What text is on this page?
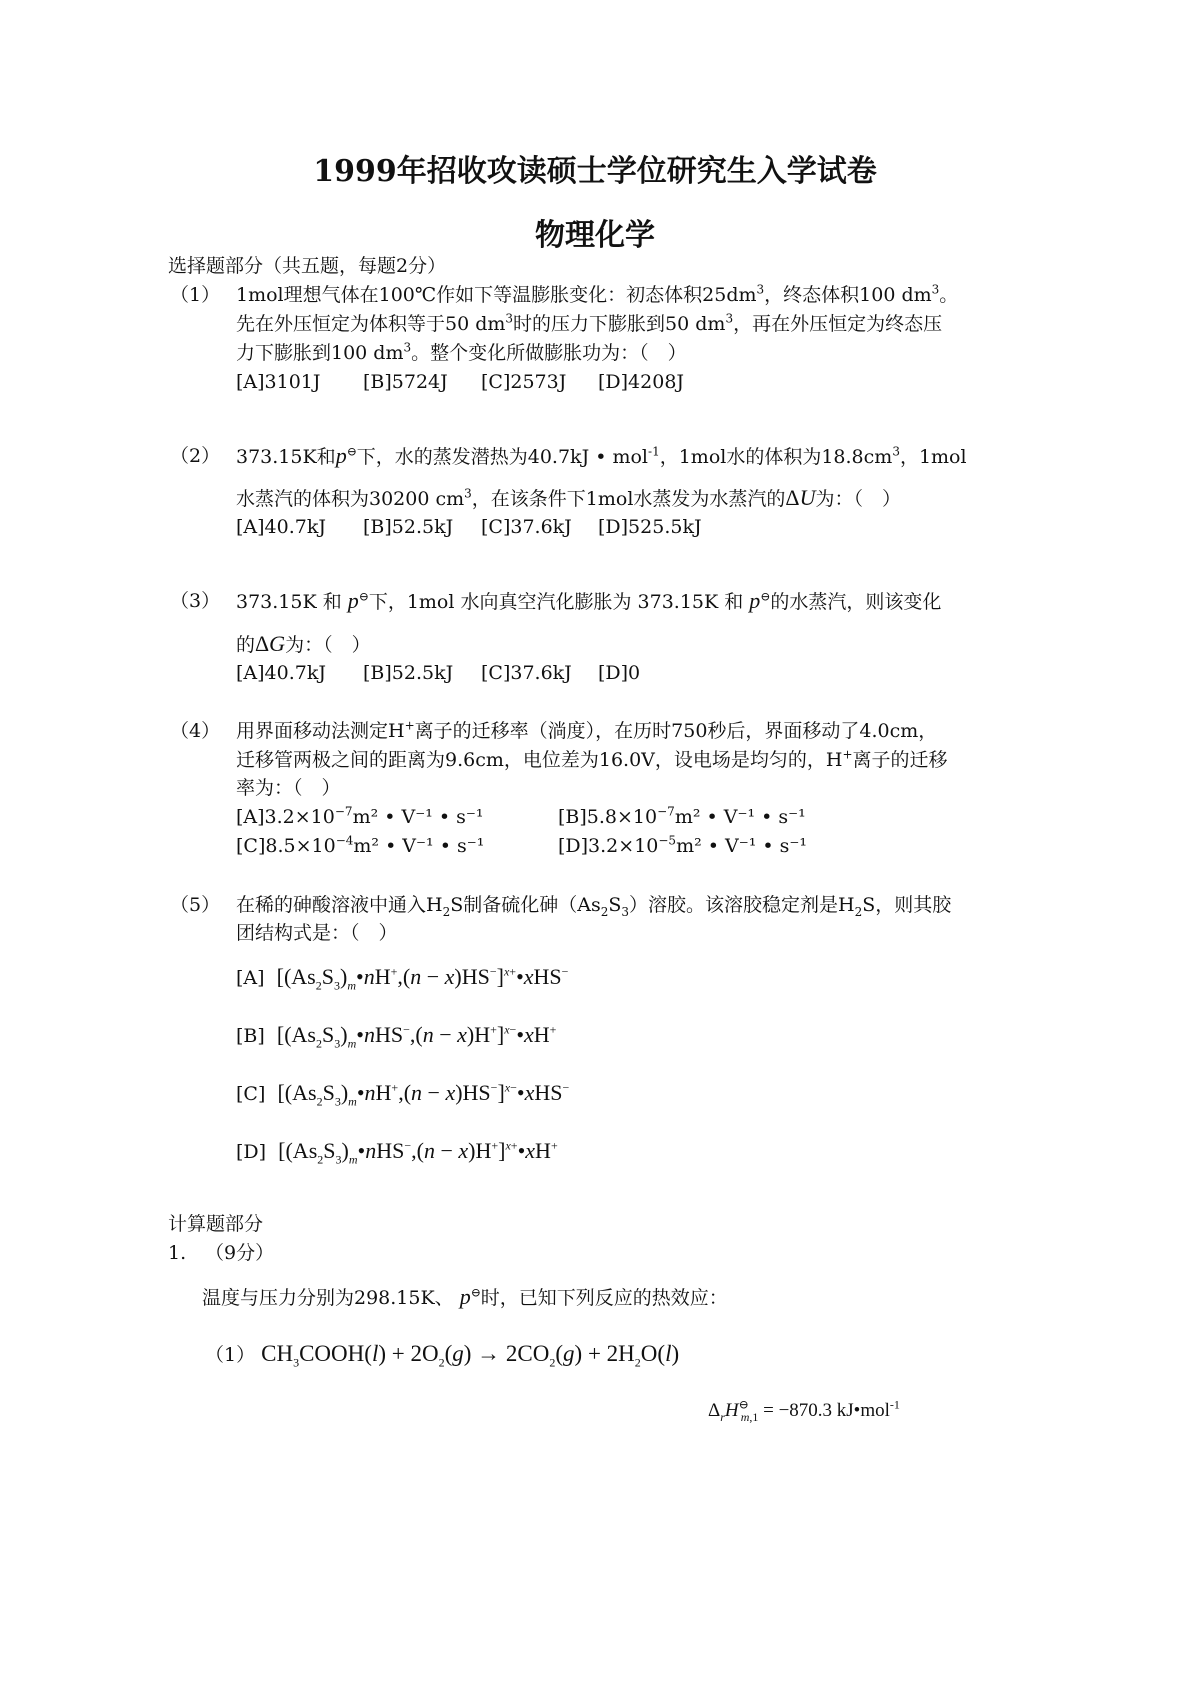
1999年招收攻读硕士学位研究生入学试卷
物理化学
选择题部分（共五题，每题2分）
（1） 1mol理想气体在100℃作如下等温膨胀变化：初态体积$25dm^3$，终态体积100 $dm^3$。
先在外压恒定为体积等于50 $dm^3$时的压力下膨胀到50 $dm^3$，再在外压恒定为终态压
力下膨胀到100 $dm^3$。整个变化所做膨胀功为：（　）
[A]3101J [B]5724J [C]2573J [D]4208J
（2） 373.15K和p⊖下，水的蒸发潜热为40.7kJ • mol$^{-1}$，1mol水的体积为$18.8cm^3$，1mol
水蒸汽的体积为30200 $cm^3$，在该条件下1mol水蒸发为水蒸汽的ΔU为：（　）
[A]40.7kJ [B]52.5kJ [C]37.6kJ [D]525.5kJ
（3） 373.15K 和 p⊖下，1mol 水向真空汽化膨胀为 373.15K 和 p⊖的水蒸汽，则该变化
的ΔG为：（　）
[A]40.7kJ [B]52.5kJ [C]37.6kJ [D]0
（4） 用界面移动法测定H+离子的迁移率（淌度），在历时750秒后，界面移动了4.0cm，
迁移管两极之间的距离为9.6cm，电位差为16.0V，设电场是均匀的，H+离子的迁移
率为：（　）
$[A]3.2\times 10^{-7}m^2$ • V⁻¹ • s⁻¹	$[B]5.8\times 10^{-7}m^2$ • V⁻¹ • s⁻¹
$[C]8.5\times 10^{-4}m^2$ • V⁻¹ • s⁻¹	$[D]3.2\times 10^{-5}m^2$ • V⁻¹ • s⁻¹
（5） 在稀的砷酸溶液中通入$H_2S$制备硫化砷$(As_2S_3)$溶胶。该溶胶稳定剂是$H_2S$，则其胶
团结构式是：（　）
[A] [$(As_2S_3)_m•nH^+,(n$ − x)HS−]$^{x+}$•xHS−
[B] [$(As_2S_3)_m•nHS^-,(n$ − x)H+]$^{x-}$•xH+
[C] [$(As_2S_3)_m•nH^+,(n$ − x)HS−]$^{x-}$•xHS−
[D] [$(As_2S_3)_m•nHS^-,(n$ − x)H+]$^{x+}$•xH+
计算题部分
1. （9分）
温度与压力分别为298.15K、 p⊖时，已知下列反应的热效应：
（1） $CH_3COOH(l) + 2O_2(g) \to 2CO_2(g) + 2H_2O(l)$
$\Delta_rH^⊖_{m,1} = -870.3$ kJ•mol$^{-1}$
